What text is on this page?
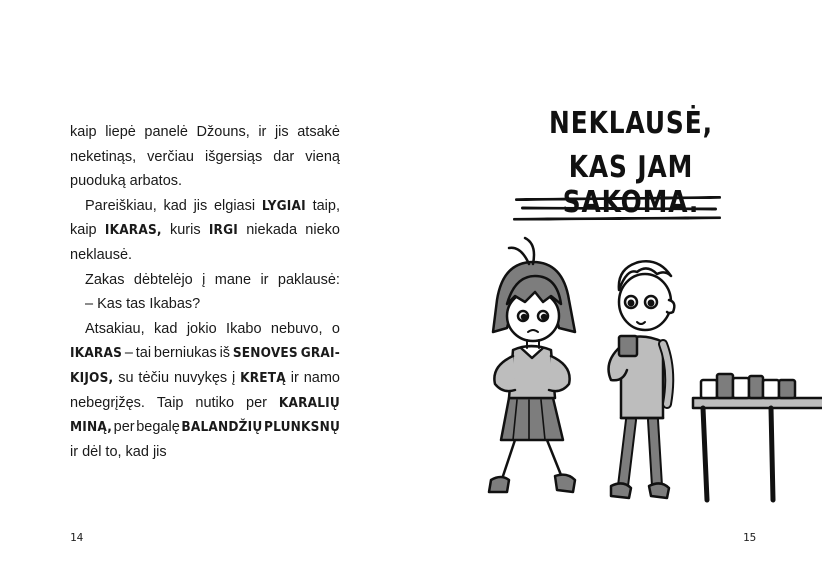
kaip liepė panelė Džouns, ir jis atsakė
neketinąs, verčiau išgersiąs dar vieną
puoduką arbatos.
Pareiškiau, kad jis elgiasi LYGIAI taip,
kaip IKARAS, kuris IRGI niekada nieko
neklausė.
Zakas dėbtelėjo į mane ir paklausė:
– Kas tas Ikabas?
Atsakiau, kad jokio Ikabo nebuvo, o
IKARAS – tai berniukas iš SENOVES GRAI-
KIJOS, su tėčiu nuvykęs į KRETĄ ir namo
nebegrįžęs. Taip nutiko per KARALIŲ
MINĄ, per begalę BALANDŽIŲ PLUNKSNŲ
ir dėl to, kad jis
14
NEKLAUSĖ,
KAS JAM SAKOMA.
15
